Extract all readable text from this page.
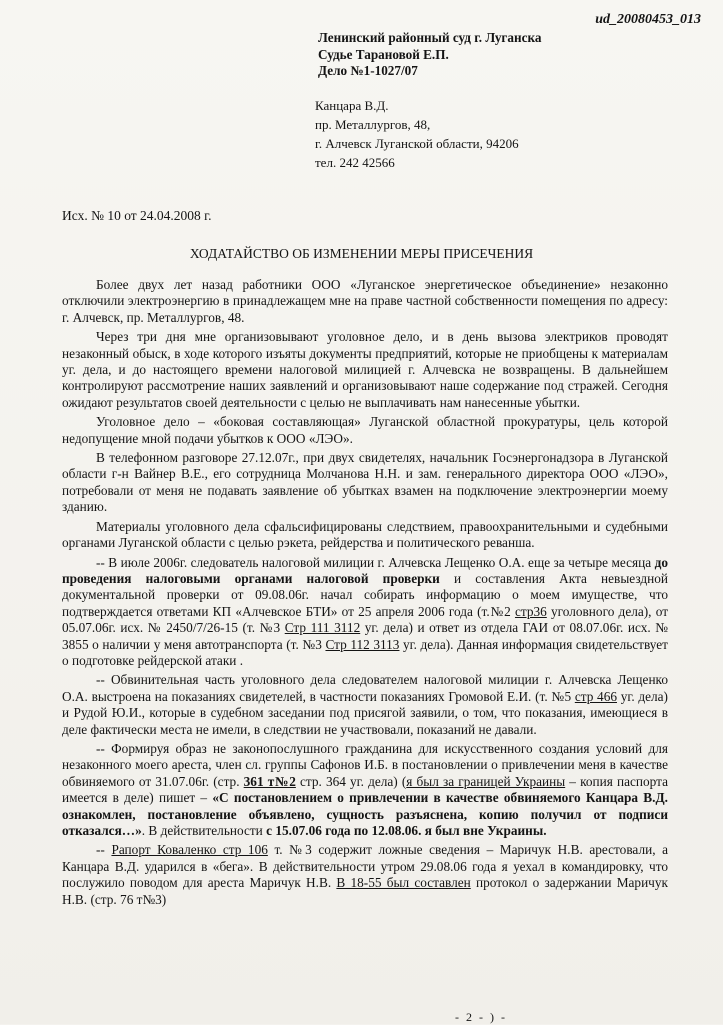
ud_20080453_013
Ленинский районный суд г. Луганска
Судье Тарановой Е.П.
Дело №1-1027/07
Канцара В.Д.
пр. Металлургов, 48,
г. Алчевск Луганской области, 94206
тел. 242 42566
Исх. № 10 от 24.04.2008 г.
ХОДАТАЙСТВО ОБ ИЗМЕНЕНИИ МЕРЫ ПРИСЕЧЕНИЯ

Более двух лет назад работники ООО «Луганское энергетическое объединение» незаконно отключили электроэнергию в принадлежащем мне на праве частной собственности помещения по адресу: г. Алчевск, пр. Металлургов, 48.

Через три дня мне организовывают уголовное дело, и в день вызова электриков проводят незаконный обыск, в ходе которого изъяты документы предприятий, которые не приобщены к материалам уг. дела, и до настоящего времени налоговой милицией г. Алчевска не возвращены. В дальнейшем контролируют рассмотрение наших заявлений и организовывают наше содержание под стражей. Сегодня ожидают результатов своей деятельности с целью не выплачивать нам нанесенные убытки.

Уголовное дело – «боковая составляющая» Луганской областной прокуратуры, цель которой недопущение мной подачи убытков к ООО «ЛЭО».

В телефонном разговоре 27.12.07г., при двух свидетелях, начальник Госэнергонадзора в Луганской области г-н Вайнер В.Е., его сотрудница Молчанова Н.Н. и зам. генерального директора ООО «ЛЭО», потребовали от меня не подавать заявление об убытках взамен на подключение электроэнергии моему зданию.

Материалы уголовного дела сфальсифицированы следствием, правоохранительными и судебными органами Луганской области с целью рэкета, рейдерства и политического реванша.

-- В июле 2006г. следователь налоговой милиции г. Алчевска Лещенко О.А. еще за четыре месяца до проведения налоговыми органами налоговой проверки и составления Акта невыездной документальной проверки от 09.08.06г. начал собирать информацию о моем имуществе, что подтверждается ответами КП «Алчевское БТИ» от 25 апреля 2006 года (т.№2 стр36 уголовного дела), от 05.07.06г. исх. № 2450/7/26-15 (т. №3 Стр 111 3112 уг. дела) и ответ из отдела ГАИ от 08.07.06г. исх. № 3855 о наличии у меня автотранспорта (т. №3 Стр 112 3113 уг. дела). Данная информация свидетельствует о подготовке рейдерской атаки .

-- Обвинительная часть уголовного дела следователем налоговой милиции г. Алчевска Лещенко О.А. выстроена на показаниях свидетелей, в частности показаниях Громовой Е.И. (т. №5 стр 466 уг. дела) и Рудой Ю.И., которые в судебном заседании под присягой заявили, о том, что показания, имеющиеся в деле фактически места не имели, в следствии не участвовали, показаний не давали.

-- Формируя образ не законопослушного гражданина для искусственного создания условий для незаконного моего ареста, член сл. группы Сафонов И.Б. в постановлении о привлечении меня в качестве обвиняемого от 31.07.06г. (стр. 361 т№2 стр. 364 уг. дела) (я был за границей Украины – копия паспорта имеется в деле) пишет – «С постановлением о привлечении в качестве обвиняемого Канцара В.Д. ознакомлен, постановление объявлено, сущность разъяснена, копию получил от подписи отказался…». В действительности с 15.07.06 года по 12.08.06. я был вне Украины.

-- Рапорт Коваленко стр 106 т. №3 содержит ложные сведения – Маричук Н.В. арестовали, а Канцара В.Д. ударился в «бега». В действительности утром 29.08.06 года я уехал в командировку, что послужило поводом для ареста Маричук Н.В. В 18-55 был составлен протокол о задержании Маричук Н.В. (стр. 76 т№3)

- 2 - ) -
